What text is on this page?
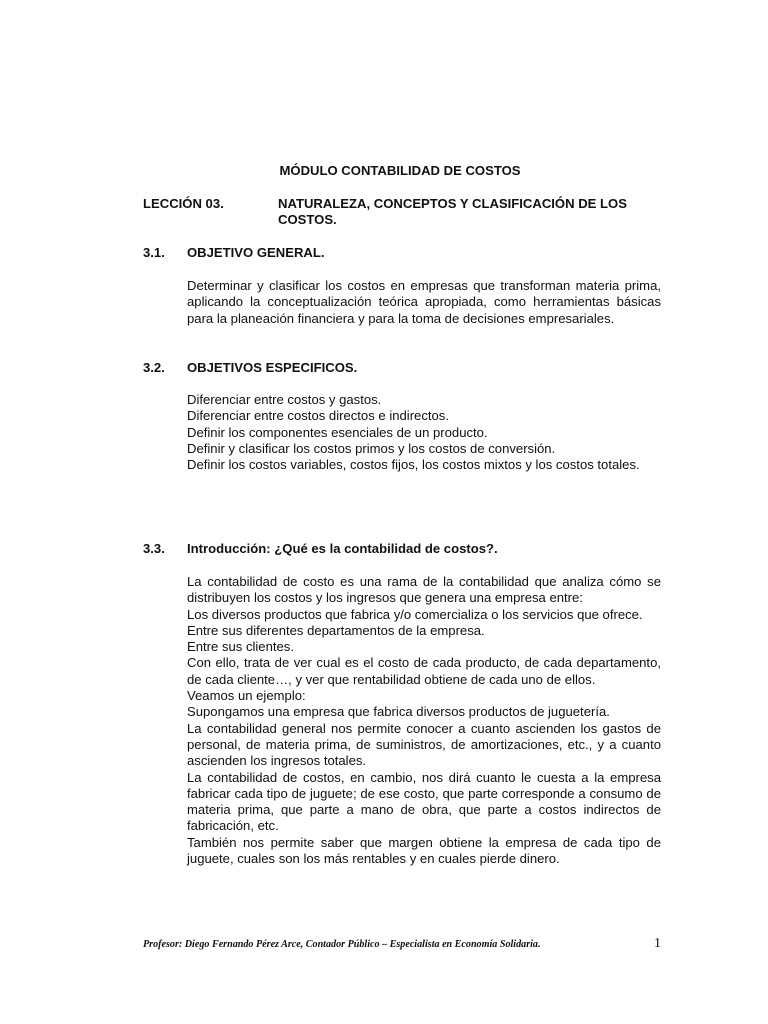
MÓDULO CONTABILIDAD DE COSTOS
LECCIÓN 03.	NATURALEZA, CONCEPTOS Y CLASIFICACIÓN DE LOS COSTOS.
3.1. OBJETIVO GENERAL.

Determinar y clasificar los costos en empresas que transforman materia prima, aplicando la conceptualización teórica apropiada, como herramientas básicas para la planeación financiera y para la toma de decisiones empresariales.

3.2. OBJETIVOS ESPECIFICOS.

Diferenciar entre costos y gastos.

Diferenciar entre costos directos e indirectos.

Definir los componentes esenciales de un producto.

Definir y clasificar los costos primos y los costos de conversión.

Definir los costos variables, costos fijos, los costos mixtos y los costos totales.

3.3. Introducción: ¿Qué es la contabilidad de costos?.

La contabilidad de costo es una rama de la contabilidad que analiza cómo se distribuyen los costos y los ingresos que genera una empresa entre:

Los diversos productos que fabrica y/o comercializa o los servicios que ofrece.

Entre sus diferentes departamentos de la empresa.

Entre sus clientes.

Con ello, trata de ver cual es el costo de cada producto, de cada departamento, de cada cliente…, y ver que rentabilidad obtiene de cada uno de ellos.

Veamos un ejemplo:

Supongamos una empresa que fabrica diversos productos de juguetería.

La contabilidad general nos permite conocer a cuanto ascienden los gastos de personal, de materia prima, de suministros, de amortizaciones, etc., y a cuanto ascienden los ingresos totales.

La contabilidad de costos, en cambio, nos dirá cuanto le cuesta a la empresa fabricar cada tipo de juguete; de ese costo, que parte corresponde a consumo de materia prima, que parte a mano de obra, que parte a costos indirectos de fabricación, etc.

También nos permite saber que margen obtiene la empresa de cada tipo de juguete, cuales son los más rentables y en cuales pierde dinero.

Profesor: Diego Fernando Pérez Arce, Contador Público – Especialista en Economía Solidaria.	1
